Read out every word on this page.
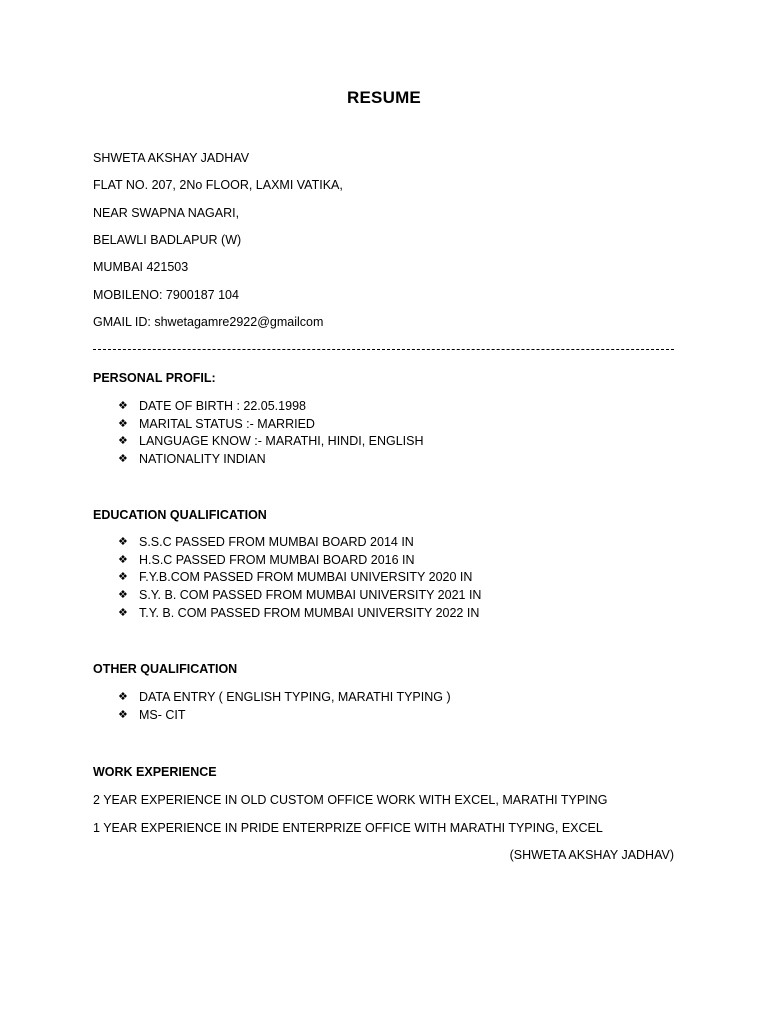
RESUME
SHWETA AKSHAY JADHAV
FLAT NO. 207, 2No FLOOR, LAXMI VATIKA,
NEAR SWAPNA NAGARI,
BELAWLI BADLAPUR (W)
MUMBAI 421503
MOBILENO: 7900187 104
GMAIL ID: shwetagamre2922@gmailcom
PERSONAL PROFIL:
❖ DATE OF BIRTH : 22.05.1998
❖ MARITAL STATUS :- MARRIED
❖ LANGUAGE KNOW :- MARATHI, HINDI, ENGLISH
❖ NATIONALITY INDIAN
EDUCATION QUALIFICATION
❖ S.S.C PASSED FROM MUMBAI BOARD 2014 IN
❖ H.S.C PASSED FROM MUMBAI BOARD 2016 IN
❖ F.Y.B.COM PASSED FROM MUMBAI UNIVERSITY 2020 IN
❖ S.Y. B. COM PASSED FROM MUMBAI UNIVERSITY 2021 IN
❖ T.Y. B. COM PASSED FROM MUMBAI UNIVERSITY 2022 IN
OTHER QUALIFICATION
❖ DATA ENTRY ( ENGLISH TYPING, MARATHI TYPING )
❖ MS- CIT
WORK EXPERIENCE
2 YEAR EXPERIENCE IN OLD CUSTOM OFFICE WORK WITH EXCEL, MARATHI TYPING
1 YEAR EXPERIENCE IN PRIDE ENTERPRIZE OFFICE WITH MARATHI TYPING, EXCEL
(SHWETA AKSHAY JADHAV)
